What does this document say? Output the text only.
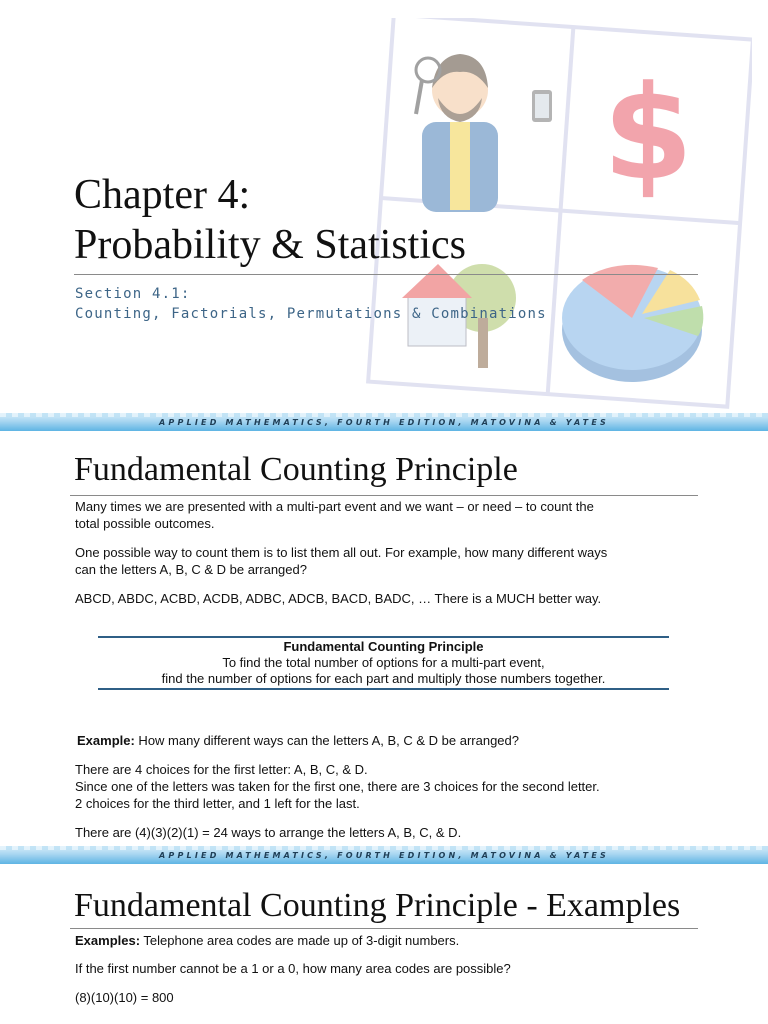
$
Chapter 4:
Probability & Statistics
Section 4.1:
Counting, Factorials, Permutations & Combinations
APPLIED MATHEMATICS, FOURTH EDITION, MATOVINA & YATES
Fundamental Counting Principle
Many times we are presented with a multi-part event and we want – or need – to count the
total possible outcomes.
One possible way to count them is to list them all out. For example, how many different ways
can the letters A, B, C & D be arranged?
ABCD, ABDC, ACBD, ACDB, ADBC, ADCB, BACD, BADC, … There is a MUCH better way.
Fundamental Counting Principle
To find the total number of options for a multi-part event,
find the number of options for each part and multiply those numbers together.
Example: How many different ways can the letters A, B, C & D be arranged?
There are 4 choices for the first letter: A, B, C, & D.
Since one of the letters was taken for the first one, there are 3 choices for the second letter.
2 choices for the third letter, and 1 left for the last.
There are (4)(3)(2)(1) = 24 ways to arrange the letters A, B, C, & D.
APPLIED MATHEMATICS, FOURTH EDITION, MATOVINA & YATES
Fundamental Counting Principle - Examples
Examples: Telephone area codes are made up of 3-digit numbers.
If the first number cannot be a 1 or a 0, how many area codes are possible?
(8)(10)(10) = 800
